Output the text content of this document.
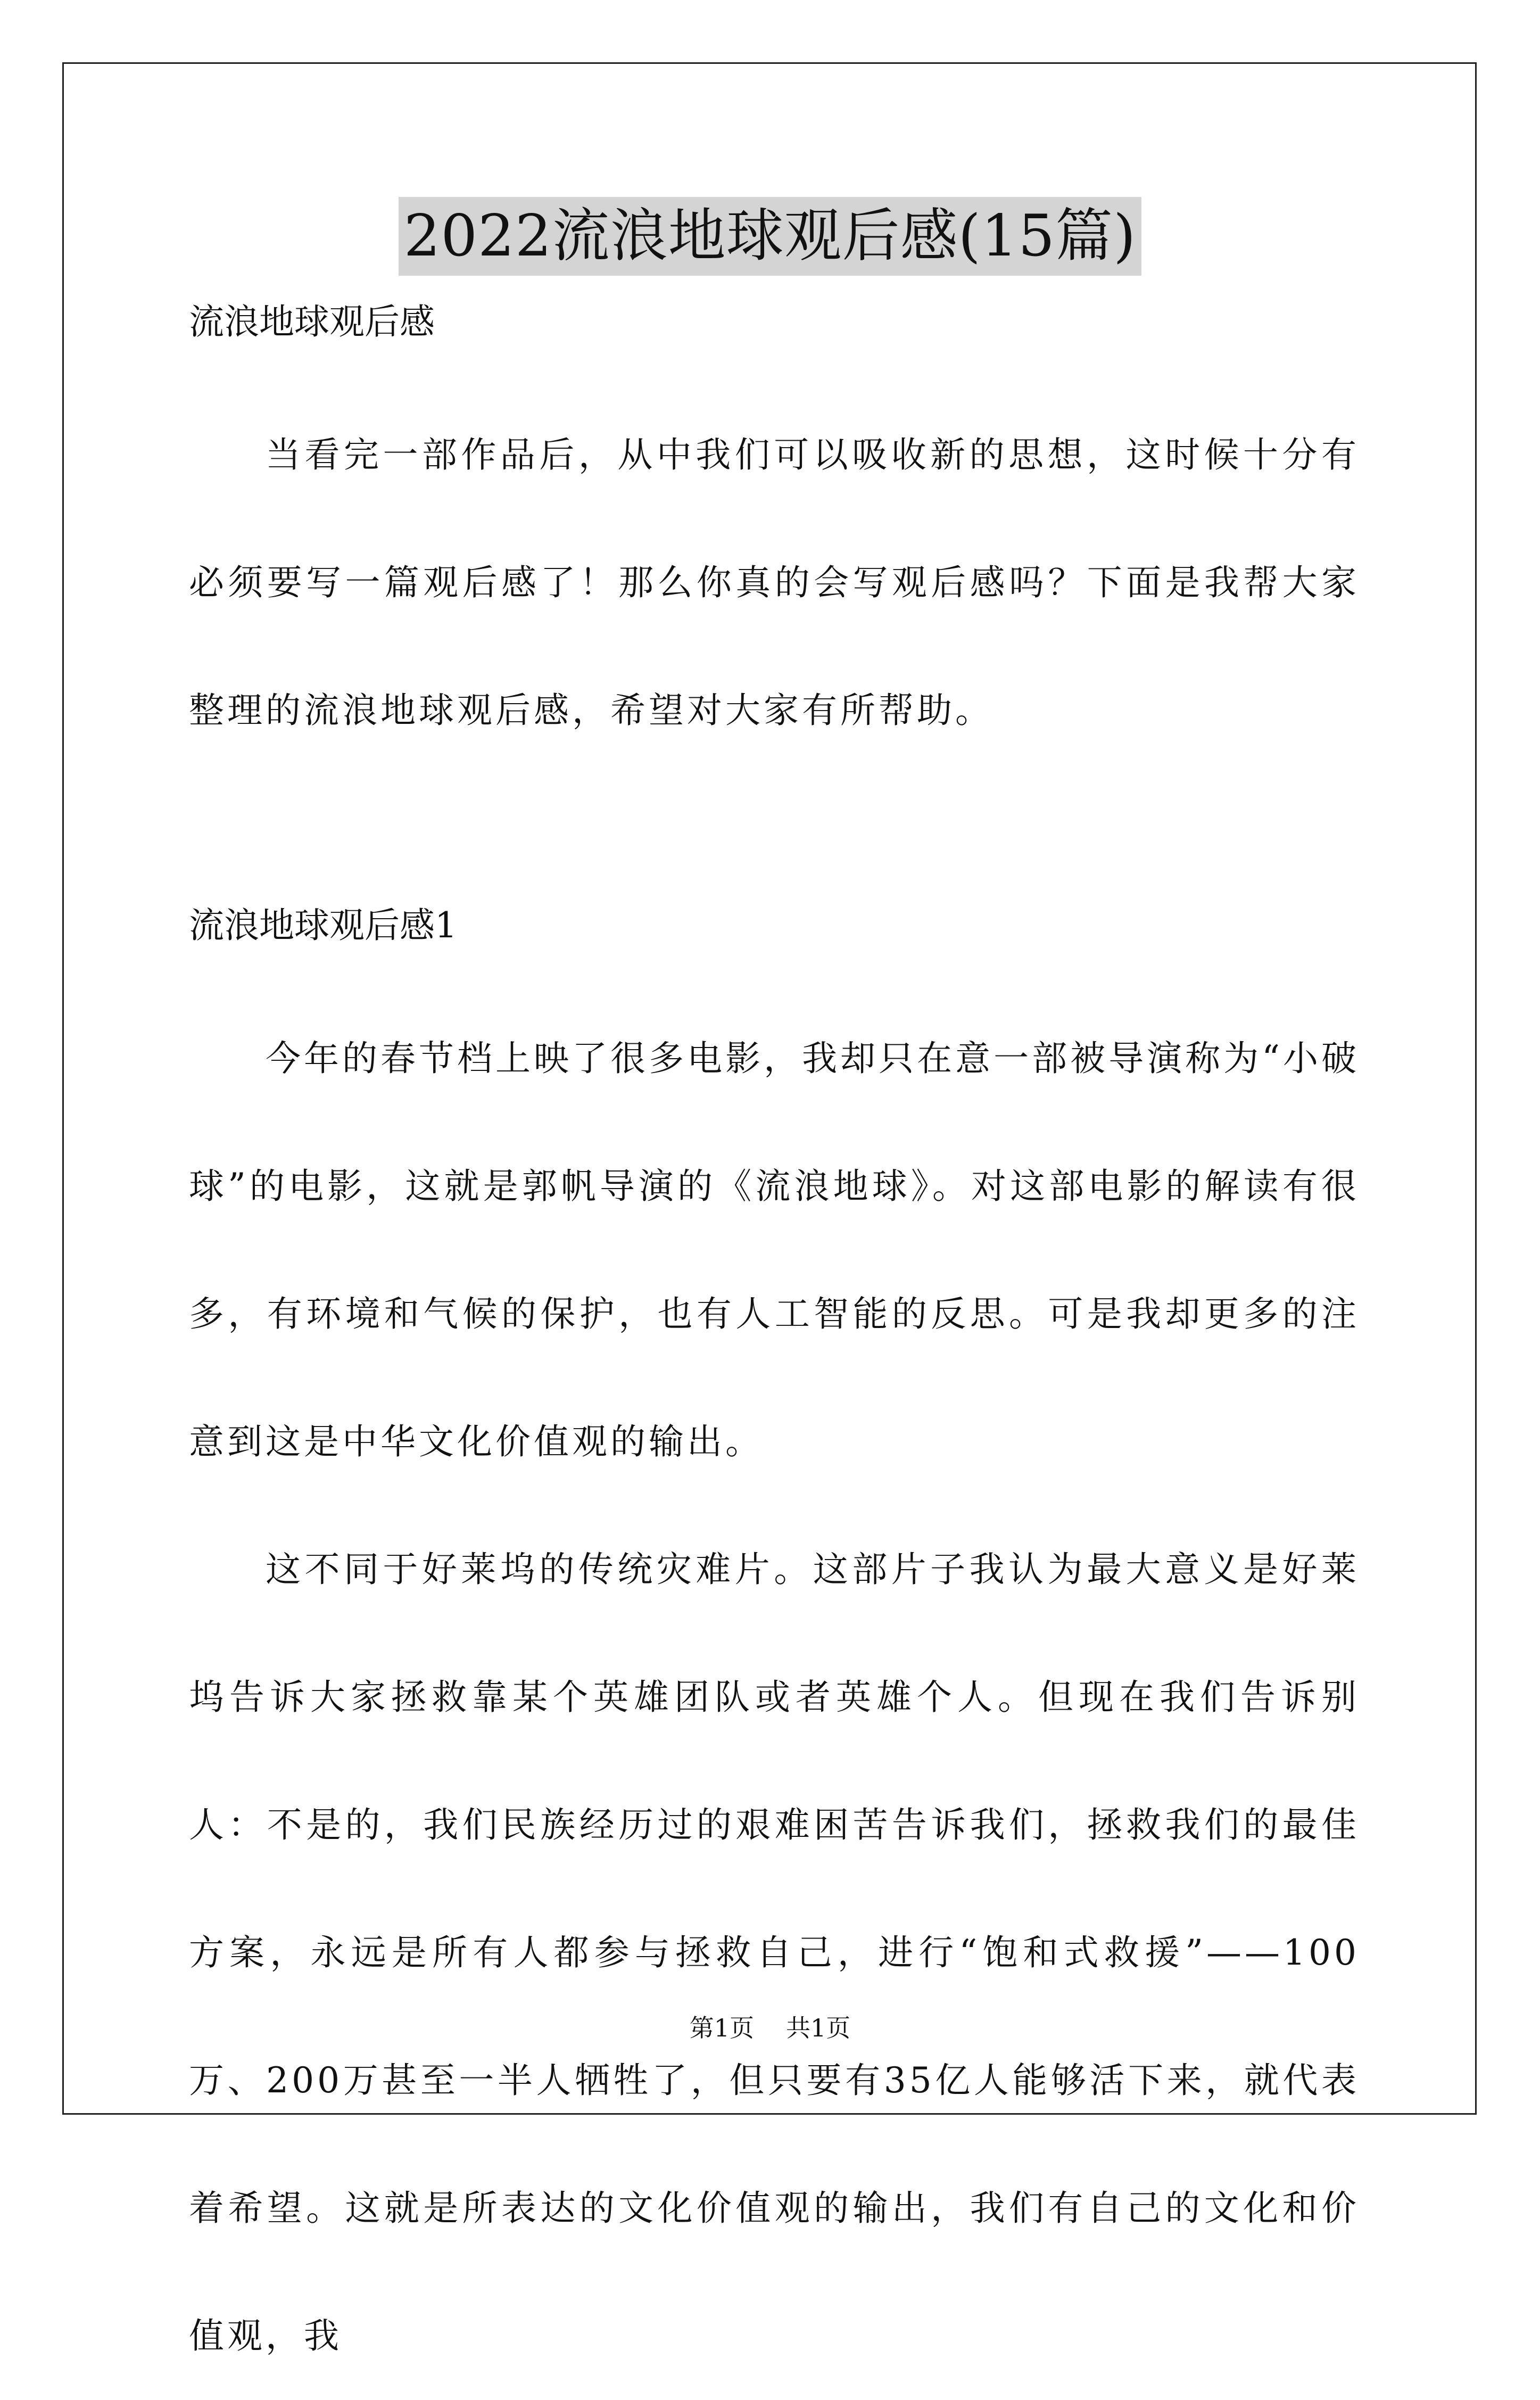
2022流浪地球观后感(15篇)

流浪地球观后感

当看完一部作品后，从中我们可以吸收新的思想，这时候十分有必须要写一篇观后感了！那么你真的会写观后感吗？下面是我帮大家整理的流浪地球观后感，希望对大家有所帮助。

流浪地球观后感1

今年的春节档上映了很多电影，我却只在意一部被导演称为“小破球”的电影，这就是郭帆导演的《流浪地球》。对这部电影的解读有很多，有环境和气候的保护，也有人工智能的反思。可是我却更多的注意到这是中华文化价值观的输出。

这不同于好莱坞的传统灾难片。这部片子我认为最大意义是好莱坞告诉大家拯救靠某个英雄团队或者英雄个人。但现在我们告诉别人：不是的，我们民族经历过的艰难困苦告诉我们，拯救我们的最佳方案，永远是所有人都参与拯救自己，进行“饱和式救援”——100万、200万甚至一半人牺牲了，但只要有35亿人能够活下来，就代表着希望。这就是所表达的文化价值观的输出，我们有自己的文化和价值观，我

第1页 共1页
